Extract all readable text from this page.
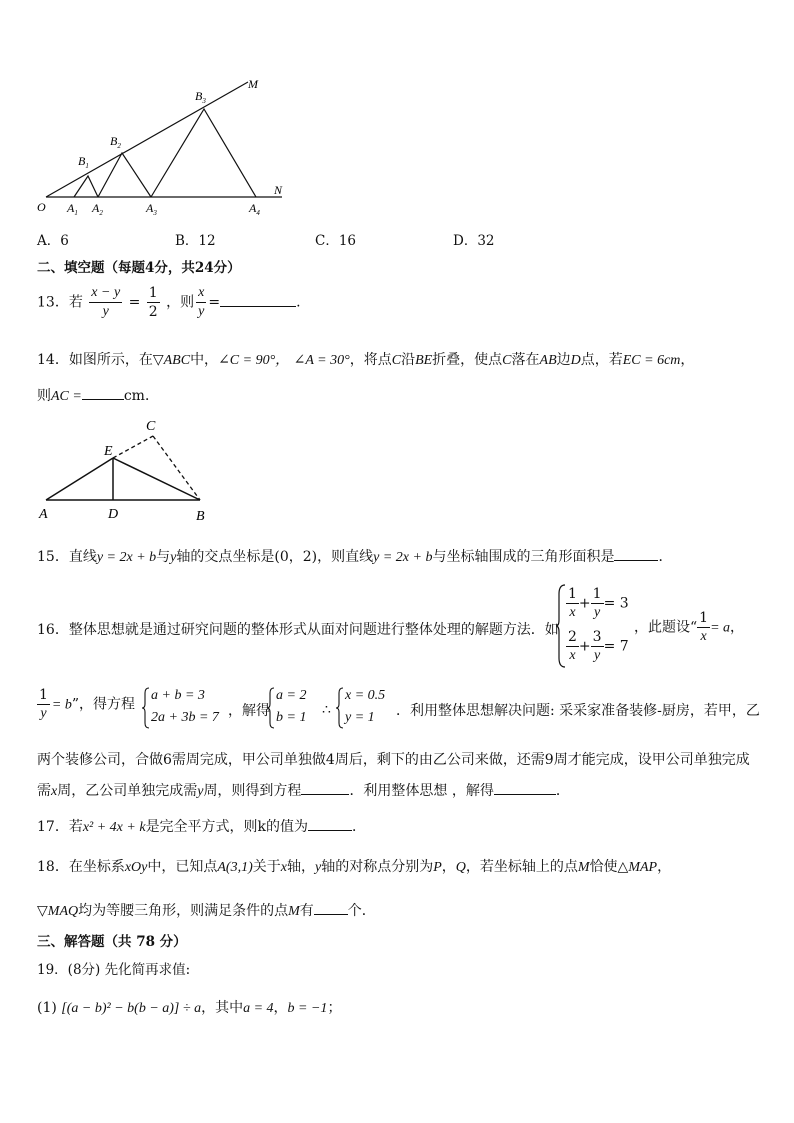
M
N
O $A_1$ $A_2$	$A_3$	$A_4$
$B_1$
$B_2$
$B_3$
A．6	B．12	C．16	D．32
二、填空题（每题4分，共24分）
13．若 $\frac{x - y}{y} = \frac{1}{2}$ ，则 $\frac{x}{y}$ =	.
14．如图所示，在▽ABC中，∠C = 90°， ∠A = 30°，将点C沿BE折叠，使点C落在AB边D点，若EC = 6cm，
则AC =	cm．
C
E
A	D	B
15．直线y = 2x + b与y轴的交点坐标是(0，2)，则直线y = 2x + b与坐标轴围成的三角形面积是	．
16．整体思想就是通过研究问题的整体形式从面对问题进行整体处理的解题方法．如
$\frac{1}{x} + \frac{1}{y} = 3$
$\frac{2}{x} + \frac{3}{y} = 7$
，此题设“ $\frac{1}{x} = a$，
$\frac{1}{y} = b$”，得方程
a + b = 3
2a + 3b = 7 ，解得
a = 2
b = 1 ∴
x = 0.5
y = 1 ．利用整体思想解决问题: 采采家准备装修-厨房，若甲，乙
两个装修公司，合做6需周完成，甲公司单独做4周后，剩下的由乙公司来做，还需9周才能完成，设甲公司单独完成
需x周，乙公司单独完成需y周，则得到方程	．利用整体思想 ，解得	．
17．若x² + 4x + k是完全平方式，则k的值为	．
18．在坐标系xOy中，已知点A(3,1)关于x轴，y轴的对称点分别为P，Q，若坐标轴上的点M恰使△MAP，
▽MAQ均为等腰三角形，则满足条件的点M有 个．
三、解答题（共 78 分）
19．(8分) 先化简再求值:
(1) [(a − b)² − b(b − a)] ÷ a，其中a = 4，b = −1；
